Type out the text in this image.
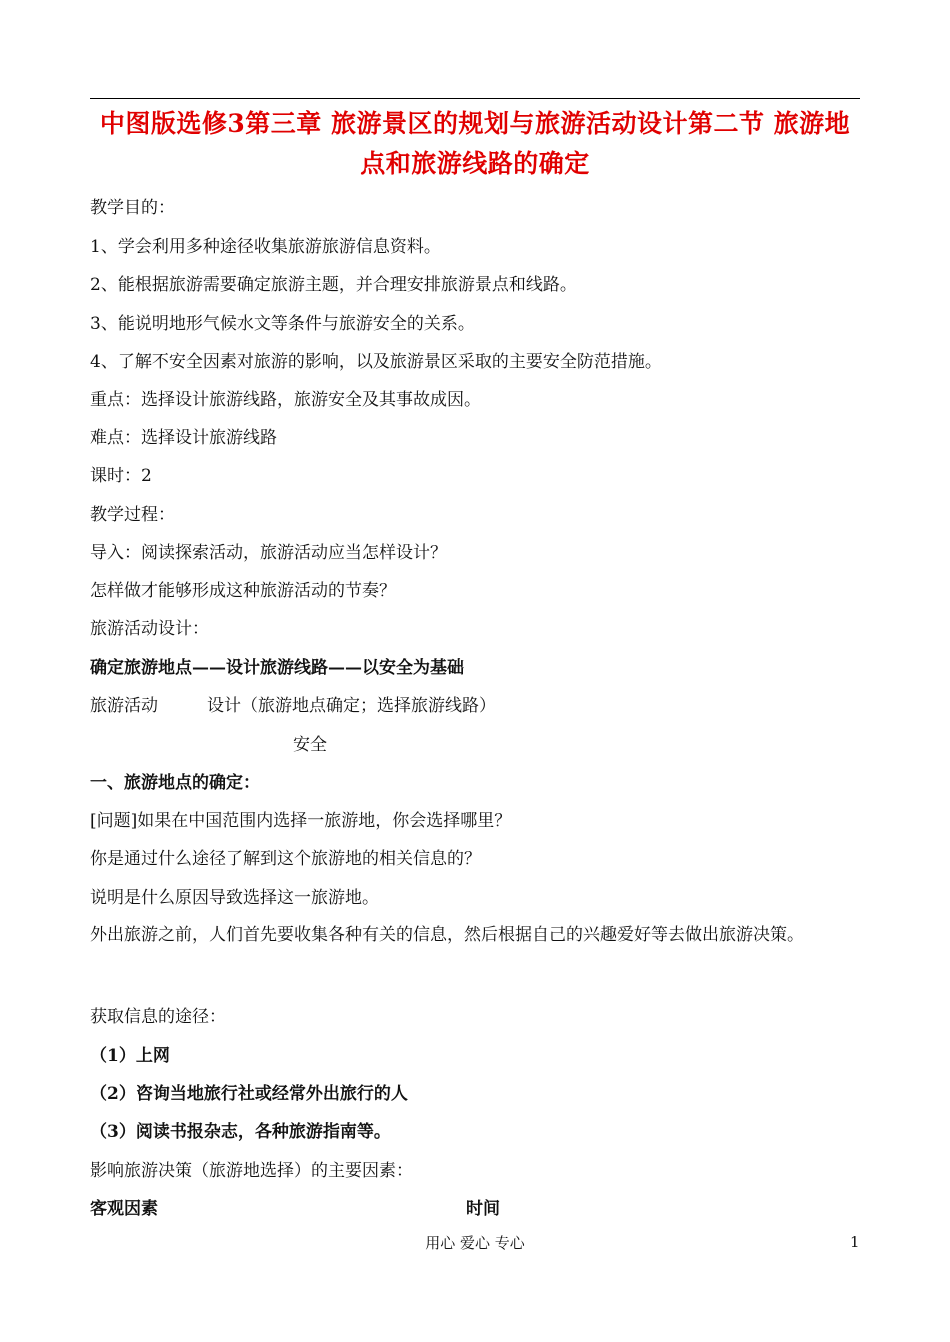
中图版选修3第三章 旅游景区的规划与旅游活动设计第二节 旅游地点和旅游线路的确定
教学目的：
1、学会利用多种途径收集旅游旅游信息资料。
2、能根据旅游需要确定旅游主题，并合理安排旅游景点和线路。
3、能说明地形气候水文等条件与旅游安全的关系。
4、了解不安全因素对旅游的影响，以及旅游景区采取的主要安全防范措施。
重点：选择设计旅游线路，旅游安全及其事故成因。
难点：选择设计旅游线路
课时：2
教学过程：
导入：阅读探索活动，旅游活动应当怎样设计？
怎样做才能够形成这种旅游活动的节奏？
旅游活动设计：
确定旅游地点——设计旅游线路——以安全为基础
旅游活动	设计（旅游地点确定；选择旅游线路）
安全
一、旅游地点的确定：
[问题]如果在中国范围内选择一旅游地，你会选择哪里？
你是通过什么途径了解到这个旅游地的相关信息的？
说明是什么原因导致选择这一旅游地。
外出旅游之前，人们首先要收集各种有关的信息，然后根据自己的兴趣爱好等去做出旅游决策。
获取信息的途径：
（1）上网
（2）咨询当地旅行社或经常外出旅行的人
（3）阅读书报杂志，各种旅游指南等。
影响旅游决策（旅游地选择）的主要因素：
客观因素	时间
用心 爱心 专心	1
